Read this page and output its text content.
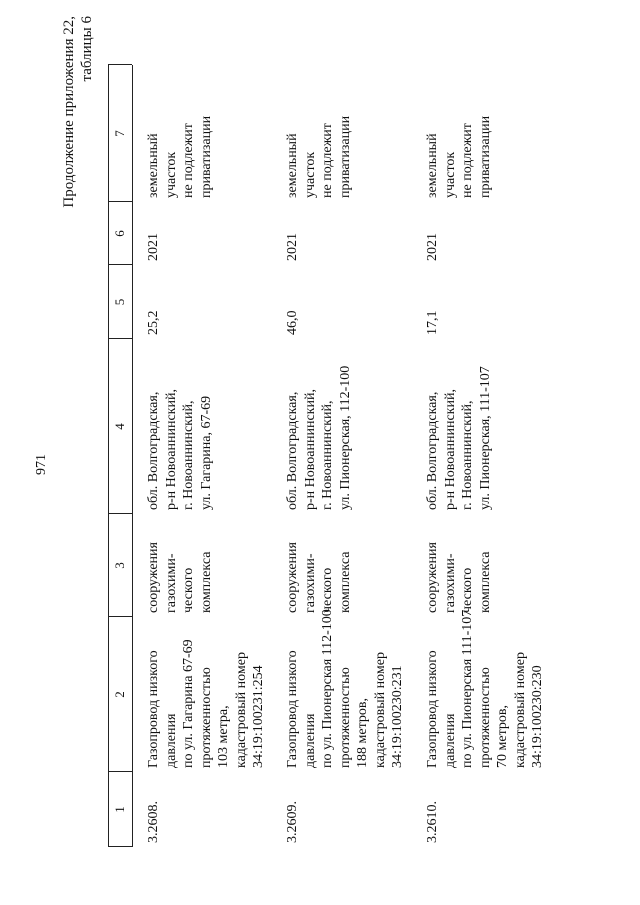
971
Продолжение приложения 22, таблицы 6
1
2
3
4
5
6
7
3.2608.
Газопровод низкого давления по ул. Гагарина 67-69 протяженностью 103 метра, кадастровый номер 34:19:100231:254
сооружения газохими- ческого комплекса
обл. Волгоградская, р-н Новоаннинский, г. Новоаннинский, ул. Гагарина, 67-69
25,2
2021
земельный участок не подлежит приватизации
3.2609.
Газопровод низкого давления по ул. Пионерская 112-100 протяженностью 188 метров, кадастровый номер 34:19:100230:231
сооружения газохими- ческого комплекса
обл. Волгоградская, р-н Новоаннинский, г. Новоаннинский, ул. Пионерская, 112-100
46,0
2021
земельный участок не подлежит приватизации
3.2610.
Газопровод низкого давления по ул. Пионерская 111-107 протяженностью 70 метров, кадастровый номер 34:19:100230:230
сооружения газохими- ческого комплекса
обл. Волгоградская, р-н Новоаннинский, г. Новоаннинский, ул. Пионерская, 111-107
17,1
2021
земельный участок не подлежит приватизации
